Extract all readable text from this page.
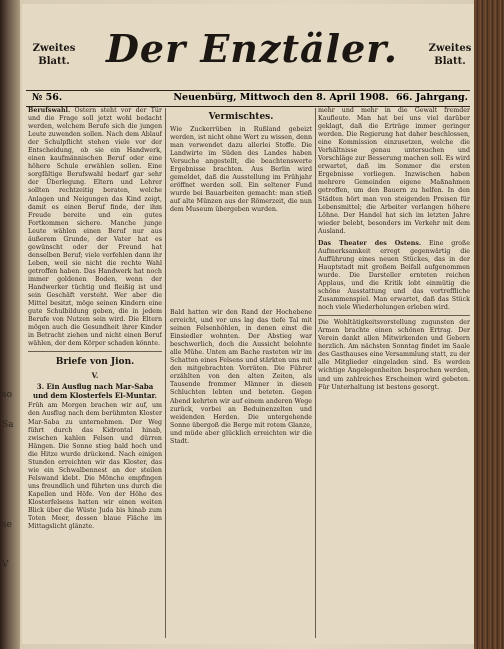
so
Sa
se
V
Zweites Blatt. Der Enztäler.	Zweites Blatt.
№ 56.	Neuenbürg, Mittwoch den 8. April 1908. 66. Jahrgang.
Berufswahl. Ostern steht vor der Tür und die Frage soll jetzt wohl bedacht werden, welchem Berufe sich die jungen Leute zuwenden sollen. Nach dem Ablauf der Schulpflicht stehen viele vor der Entscheidung, ob sie ein Handwerk, einen kaufmännischen Beruf oder eine höhere Schule erwählen sollen. Eine sorgfältige Berufswahl bedarf gar sehr der Überlegung. Eltern und Lehrer sollten rechtzeitig beraten, welche Anlagen und Neigungen das Kind zeigt, damit es einen Beruf finde, der ihm Freude bereite und ein gutes Fortkommen sichere. Manche junge Leute wählen einen Beruf nur aus äußerem Grunde, der Vater hat es gewünscht oder der Freund hat denselben Beruf; viele verfehlen dann ihr Leben, weil sie nicht die rechte Wahl getroffen haben. Das Handwerk hat noch immer goldenen Boden, wenn der Handwerker tüchtig und fleißig ist und sein Geschäft versteht. Wer aber die Mittel besitzt, möge seinen Kindern eine gute Schulbildung geben, die in jedem Berufe von Nutzen sein wird. Die Eltern mögen auch die Gesundheit ihrer Kinder in Betracht ziehen und nicht einen Beruf wählen, der dem Körper schaden könnte.
Briefe von Jion.
V.
3. Ein Ausflug nach Mar-Saba und dem Klosterfels El-Muntar.
Früh am Morgen brachen wir auf, um den Ausflug nach dem berühmten Kloster Mar-Saba zu unternehmen. Der Weg führt durch das Kidrontal hinab, zwischen kahlen Felsen und dürren Hängen. Die Sonne stieg bald hoch und die Hitze wurde drückend. Nach einigen Stunden erreichten wir das Kloster, das wie ein Schwalbennest an der steilen Felswand klebt. Die Mönche empfingen uns freundlich und führten uns durch die Kapellen und Höfe. Von der Höhe des Klosterfelsens hatten wir einen weiten Blick über die Wüste Juda bis hinab zum Toten Meer, dessen blaue Fläche im Mittagslicht glänzte.
Vermischtes.
Wie Zuckerrüben in Rußland gebeizt werden, ist nicht ohne Wert zu wissen, denn man verwendet dazu allerlei Stoffe. Die Landwirte im Süden des Landes haben Versuche angestellt, die beachtenswerte Ergebnisse brachten. Aus Berlin wird gemeldet, daß die Ausstellung im Frühjahr eröffnet werden soll. Ein seltener Fund wurde bei Bauarbeiten gemacht: man stieß auf alte Münzen aus der Römerzeit, die nun dem Museum übergeben wurden.
Bald hatten wir den Rand der Hochebene erreicht, und vor uns lag das tiefe Tal mit seinen Felsenhöhlen, in denen einst die Einsiedler wohnten. Der Abstieg war beschwerlich, doch die Aussicht belohnte alle Mühe. Unten am Bache rasteten wir im Schatten eines Felsens und stärkten uns mit den mitgebrachten Vorräten. Die Führer erzählten von den alten Zeiten, als Tausende frommer Männer in diesen Schluchten lebten und beteten. Gegen Abend kehrten wir auf einem anderen Wege zurück, vorbei an Beduinenzelten und weidenden Herden. Die untergehende Sonne übergoß die Berge mit rotem Glanze, und müde aber glücklich erreichten wir die Stadt.
mehr und mehr in die Gewalt fremder Kaufleute. Man hat bei uns viel darüber geklagt, daß die Erträge immer geringer werden. Die Regierung hat daher beschlossen, eine Kommission einzusetzen, welche die Verhältnisse genau untersuchen und Vorschläge zur Besserung machen soll. Es wird erwartet, daß im Sommer die ersten Ergebnisse vorliegen. Inzwischen haben mehrere Gemeinden eigene Maßnahmen getroffen, um den Bauern zu helfen. In den Städten hört man von steigenden Preisen für Lebensmittel; die Arbeiter verlangen höhere Löhne. Der Handel hat sich im letzten Jahre wieder belebt, besonders im Verkehr mit dem Ausland.
Das Theater des Ostens. Eine große Aufmerksamkeit erregt gegenwärtig die Aufführung eines neuen Stückes, das in der Hauptstadt mit großem Beifall aufgenommen wurde. Die Darsteller ernteten reichen Applaus, und die Kritik lobt einmütig die schöne Ausstattung und das vortreffliche Zusammenspiel. Man erwartet, daß das Stück noch viele Wiederholungen erleben wird.
Die Wohltätigkeitsvorstellung zugunsten der Armen brachte einen schönen Ertrag. Der Verein dankt allen Mitwirkenden und Gebern herzlich. Am nächsten Sonntag findet im Saale des Gasthauses eine Versammlung statt, zu der alle Mitglieder eingeladen sind. Es werden wichtige Angelegenheiten besprochen werden, und um zahlreiches Erscheinen wird gebeten. Für Unterhaltung ist bestens gesorgt.
